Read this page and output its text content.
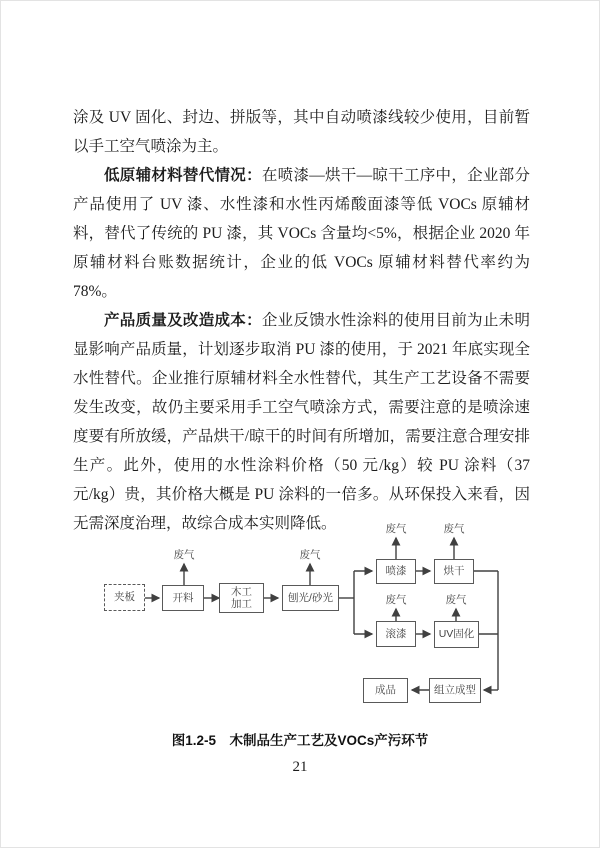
涂及 UV 固化、封边、拼版等，其中自动喷漆线较少使用，目前暂以手工空气喷涂为主。

低原辅材料替代情况：在喷漆—烘干—晾干工序中，企业部分产品使用了 UV 漆、水性漆和水性丙烯酸面漆等低 VOCs 原辅材料，替代了传统的 PU 漆，其 VOCs 含量均<5%，根据企业 2020 年原辅材料台账数据统计，企业的低 VOCs 原辅材料替代率约为 78%。

产品质量及改造成本：企业反馈水性涂料的使用目前为止未明显影响产品质量，计划逐步取消 PU 漆的使用，于 2021 年底实现全水性替代。企业推行原辅材料全水性替代，其生产工艺设备不需要发生改变，故仍主要采用手工空气喷涂方式，需要注意的是喷涂速度要有所放缓，产品烘干/晾干的时间有所增加，需要注意合理安排生产。此外，使用的水性涂料价格（50 元/kg）较 PU 涂料（37 元/kg）贵，其价格大概是 PU 涂料的一倍多。从环保投入来看，因无需深度治理，故综合成本实则降低。

夹板	开料
木工加工
刨光/砂光
喷漆	烘干
滚漆	UV固化
组立成型
成品
废气	废气
废气	废气
废气	废气
图1.2-5　木制品生产工艺及VOCs产污环节
21
